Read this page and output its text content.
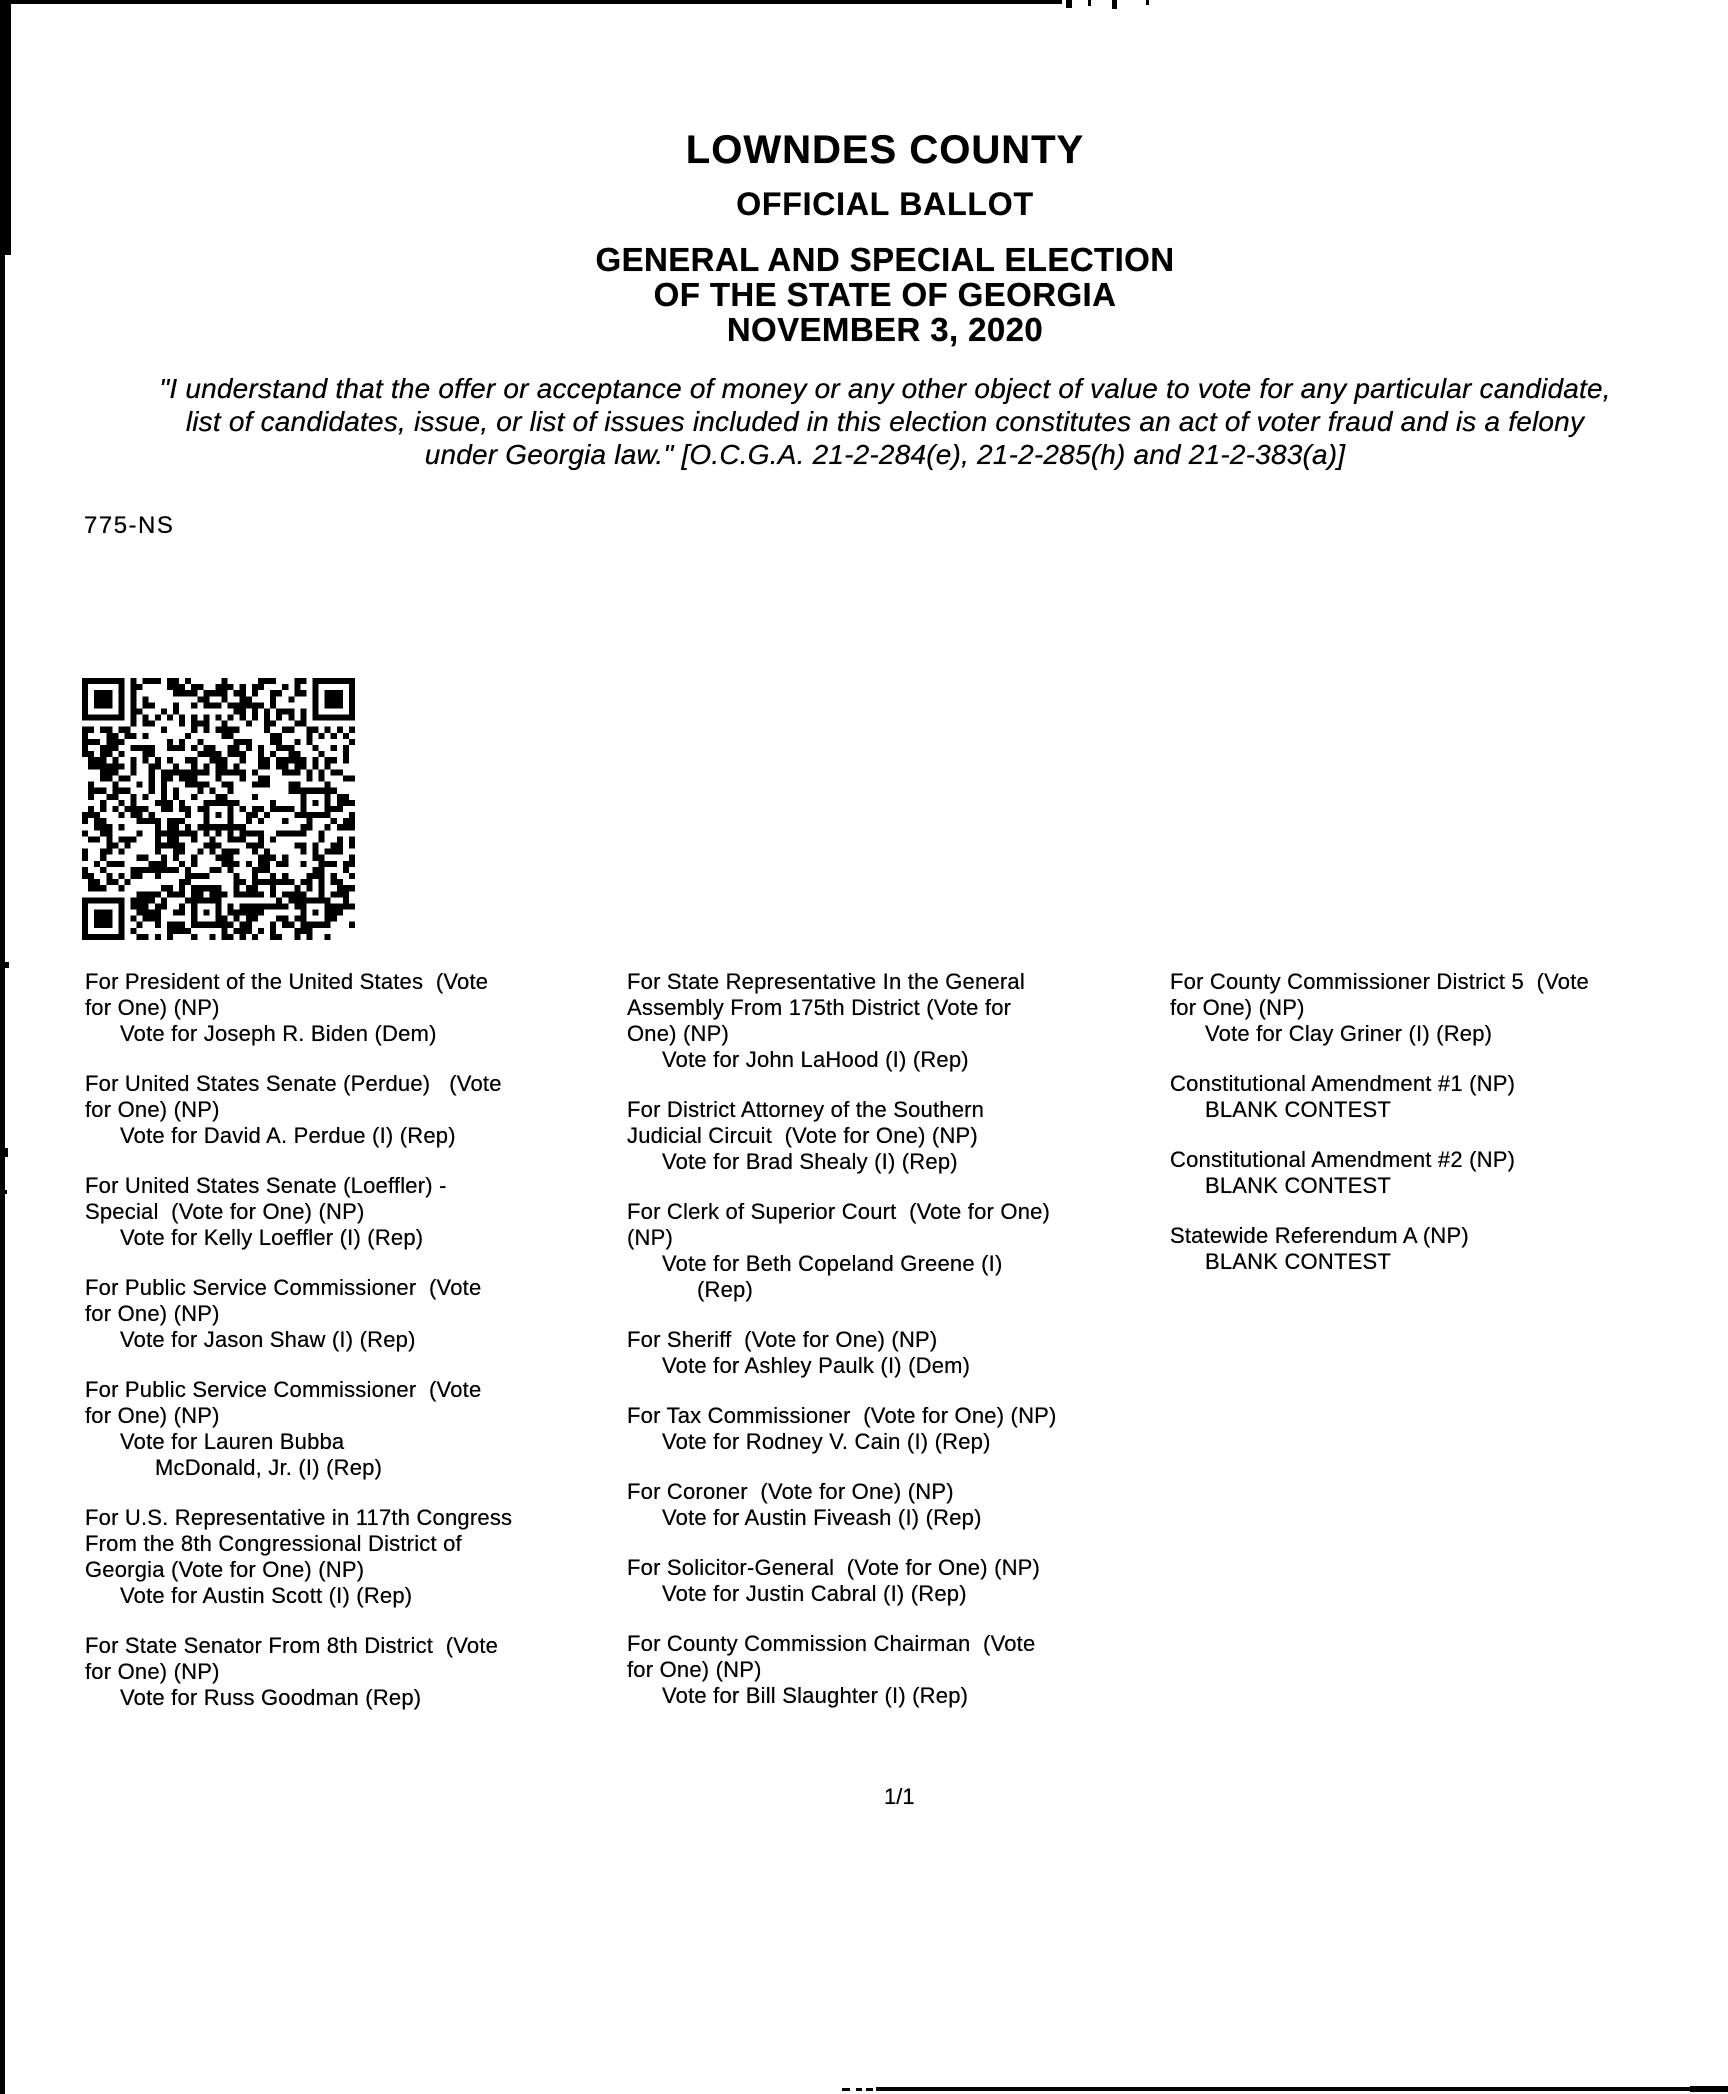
LOWNDES COUNTY
OFFICIAL BALLOT
GENERAL AND SPECIAL ELECTION
OF THE STATE OF GEORGIA
NOVEMBER 3, 2020
"I understand that the offer or acceptance of money or any other object of value to vote for any particular candidate,
list of candidates, issue, or list of issues included in this election constitutes an act of voter fraud and is a felony
under Georgia law." [O.C.G.A. 21-2-284(e), 21-2-285(h) and 21-2-383(a)]
775-NS
For President of the United States  (Vote
for One) (NP)
Vote for Joseph R. Biden (Dem)
For United States Senate (Perdue)   (Vote
for One) (NP)
Vote for David A. Perdue (I) (Rep)
For United States Senate (Loeffler) -
Special  (Vote for One) (NP)
Vote for Kelly Loeffler (I) (Rep)
For Public Service Commissioner  (Vote
for One) (NP)
Vote for Jason Shaw (I) (Rep)
For Public Service Commissioner  (Vote
for One) (NP)
Vote for Lauren Bubba
McDonald, Jr. (I) (Rep)
For U.S. Representative in 117th Congress
From the 8th Congressional District of
Georgia (Vote for One) (NP)
Vote for Austin Scott (I) (Rep)
For State Senator From 8th District  (Vote
for One) (NP)
Vote for Russ Goodman (Rep)
For State Representative In the General
Assembly From 175th District (Vote for
One) (NP)
Vote for John LaHood (I) (Rep)
For District Attorney of the Southern
Judicial Circuit  (Vote for One) (NP)
Vote for Brad Shealy (I) (Rep)
For Clerk of Superior Court  (Vote for One)
(NP)
Vote for Beth Copeland Greene (I)
(Rep)
For Sheriff  (Vote for One) (NP)
Vote for Ashley Paulk (I) (Dem)
For Tax Commissioner  (Vote for One) (NP)
Vote for Rodney V. Cain (I) (Rep)
For Coroner  (Vote for One) (NP)
Vote for Austin Fiveash (I) (Rep)
For Solicitor-General  (Vote for One) (NP)
Vote for Justin Cabral (I) (Rep)
For County Commission Chairman  (Vote
for One) (NP)
Vote for Bill Slaughter (I) (Rep)
For County Commissioner District 5  (Vote
for One) (NP)
Vote for Clay Griner (I) (Rep)
Constitutional Amendment #1 (NP)
BLANK CONTEST
Constitutional Amendment #2 (NP)
BLANK CONTEST
Statewide Referendum A (NP)
BLANK CONTEST
1/1
